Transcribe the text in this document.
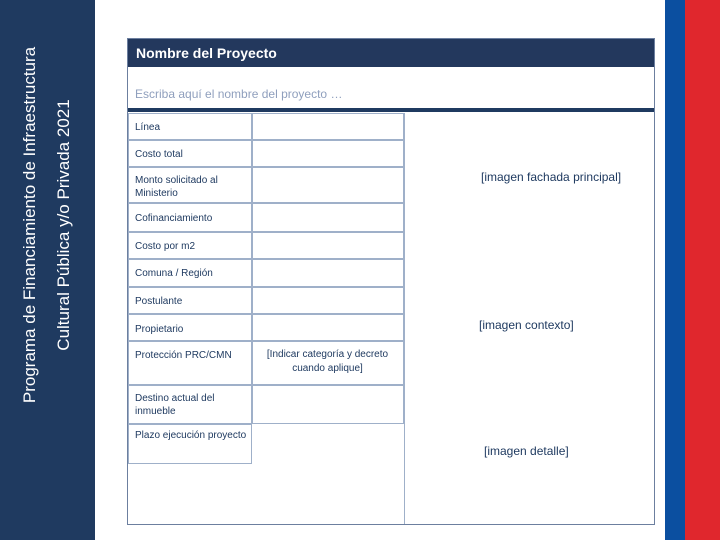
Programa de Financiamiento de Infraestructura Cultural Pública y/o Privada 2021
Nombre del Proyecto
Escriba aquí el nombre del proyecto …
Línea
Costo total
Monto solicitado al Ministerio
Cofinanciamiento
Costo por m2
Comuna / Región
Postulante
Propietario
Protección PRC/CMN
Destino actual del inmueble
Plazo ejecución proyecto
[Indicar categoría y decreto cuando aplique]
[imagen fachada principal]
[imagen contexto]
[imagen detalle]
